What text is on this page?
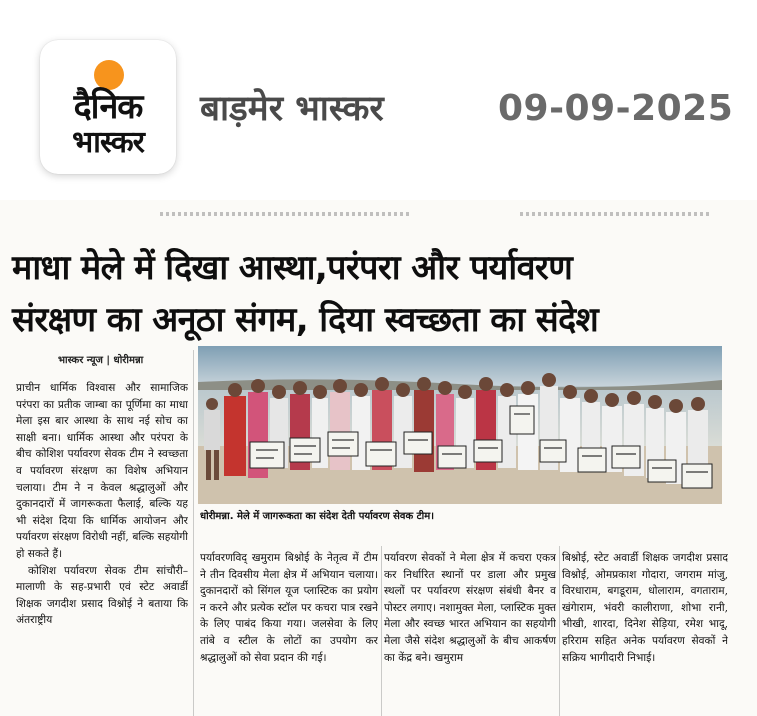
दैनिक
भास्कर
बाड़मेर भास्कर	09-09-2025
माधा मेले में दिखा आस्था,परंपरा और पर्यावरण
संरक्षण का अनूठा संगम, दिया स्वच्छता का संदेश
भास्कर न्यूज | धोरीमन्ना

प्राचीन धार्मिक विश्वास और सामाजिक परंपरा का प्रतीक जाम्बा का पूर्णिमा का माधा मेला इस बार आस्था के साथ नई सोच का साक्षी बना। धार्मिक आस्था और परंपरा के बीच कोशिश पर्यावरण सेवक टीम ने स्वच्छता व पर्यावरण संरक्षण का विशेष अभियान चलाया। टीम ने न केवल श्रद्धालुओं और दुकानदारों में जागरूकता फैलाई, बल्कि यह भी संदेश दिया कि धार्मिक आयोजन और पर्यावरण संरक्षण विरोधी नहीं, बल्कि सहयोगी हो सकते हैं।

कोशिश पर्यावरण सेवक टीम सांचौरी–मालाणी के सह-प्रभारी एवं स्टेट अवार्डी शिक्षक जगदीश प्रसाद विश्नोई ने बताया कि अंतराष्ट्रीय

धोरीमन्ना. मेले में जागरूकता का संदेश देती पर्यावरण सेवक टीम।
पर्यावरणविद् खमुराम बिश्नोई के नेतृत्व में टीम ने तीन दिवसीय मेला क्षेत्र में अभियान चलाया। दुकानदारों को सिंगल यूज प्लास्टिक का प्रयोग न करने और प्रत्येक स्टॉल पर कचरा पात्र रखने के लिए पाबंद किया गया। जलसेवा के लिए तांबे व स्टील के लोटों का उपयोग कर श्रद्धालुओं को सेवा प्रदान की गई।
पर्यावरण सेवकों ने मेला क्षेत्र में कचरा एकत्र कर निर्धारित स्थानों पर डाला और प्रमुख स्थलों पर पर्यावरण संरक्षण संबंधी बैनर व पोस्टर लगाए। नशामुक्त मेला, प्लास्टिक मुक्त मेला और स्वच्छ भारत अभियान का सहयोगी मेला जैसे संदेश श्रद्धालुओं के बीच आकर्षण का केंद्र बने। खमुराम
बिश्नोई, स्टेट अवार्डी शिक्षक जगदीश प्रसाद विश्नोई, ओमप्रकाश गोदारा, जगराम मांजु, विरधाराम, बगडूराम, धोलाराम, वगताराम, खंगेाराम, भंवरी कालीराणा, शोभा रानी, भीखी, शारदा, दिनेश सेड़िया, रमेश भादू, हरिराम सहित अनेक पर्यावरण सेवकों ने सक्रिय भागीदारी निभाई।
